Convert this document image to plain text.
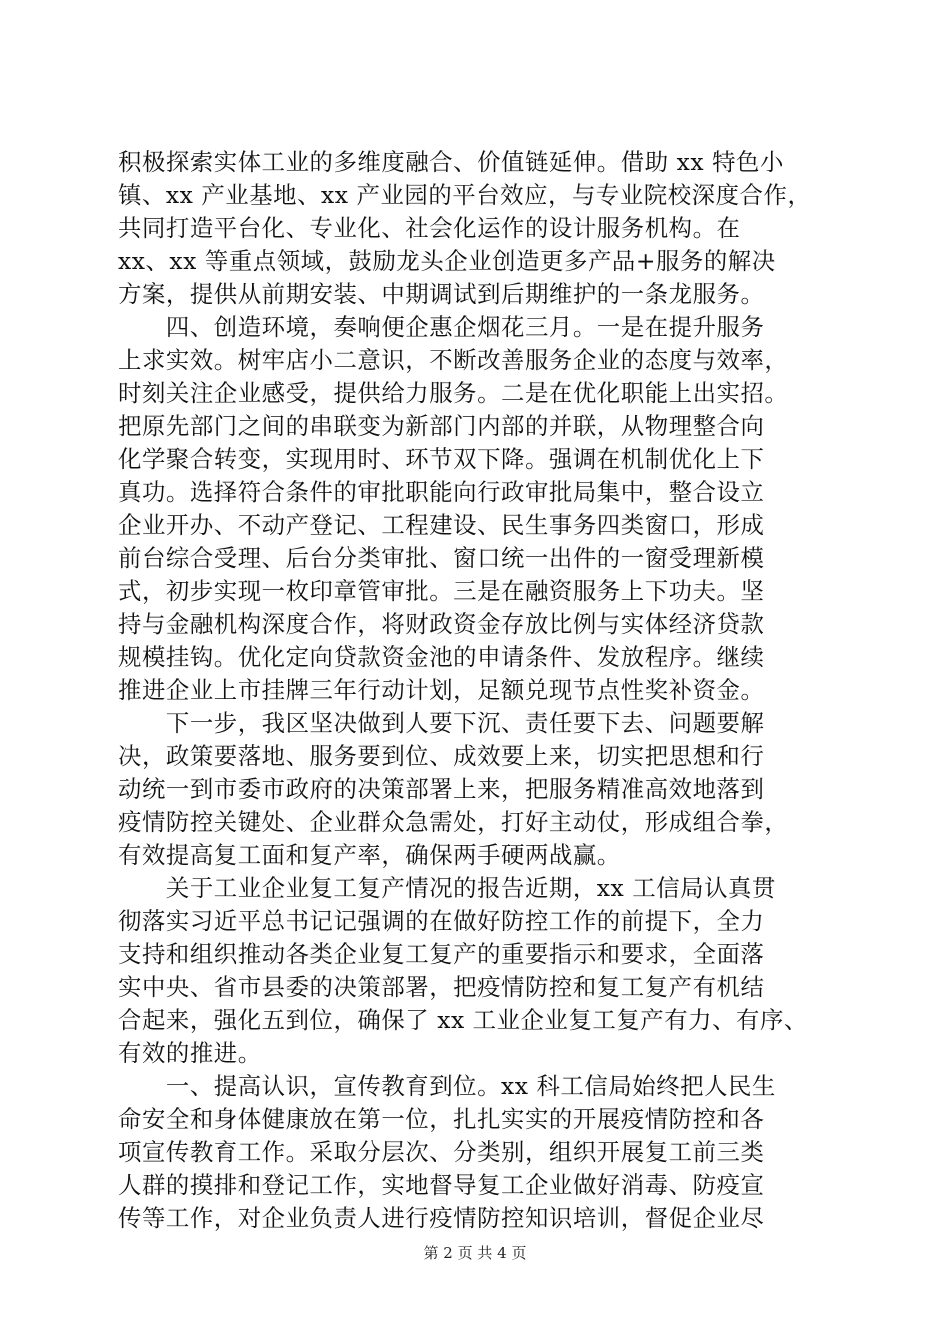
积极探索实体工业的多维度融合、价值链延伸。借助 xx 特色小
镇、xx 产业基地、xx 产业园的平台效应，与专业院校深度合作，
共同打造平台化、专业化、社会化运作的设计服务机构。在
xx、xx 等重点领域，鼓励龙头企业创造更多产品+服务的解决
方案，提供从前期安装、中期调试到后期维护的一条龙服务。
　　四、创造环境，奏响便企惠企烟花三月。一是在提升服务
上求实效。树牢店小二意识，不断改善服务企业的态度与效率，
时刻关注企业感受，提供给力服务。二是在优化职能上出实招。
把原先部门之间的串联变为新部门内部的并联，从物理整合向
化学聚合转变，实现用时、环节双下降。强调在机制优化上下
真功。选择符合条件的审批职能向行政审批局集中，整合设立
企业开办、不动产登记、工程建设、民生事务四类窗口，形成
前台综合受理、后台分类审批、窗口统一出件的一窗受理新模
式，初步实现一枚印章管审批。三是在融资服务上下功夫。坚
持与金融机构深度合作，将财政资金存放比例与实体经济贷款
规模挂钩。优化定向贷款资金池的申请条件、发放程序。继续
推进企业上市挂牌三年行动计划，足额兑现节点性奖补资金。
　　下一步，我区坚决做到人要下沉、责任要下去、问题要解
决，政策要落地、服务要到位、成效要上来，切实把思想和行
动统一到市委市政府的决策部署上来，把服务精准高效地落到
疫情防控关键处、企业群众急需处，打好主动仗，形成组合拳，
有效提高复工面和复产率，确保两手硬两战赢。
　　关于工业企业复工复产情况的报告近期，xx 工信局认真贯
彻落实习近平总书记记强调的在做好防控工作的前提下，全力
支持和组织推动各类企业复工复产的重要指示和要求，全面落
实中央、省市县委的决策部署，把疫情防控和复工复产有机结
合起来，强化五到位，确保了 xx 工业企业复工复产有力、有序、
有效的推进。
　　一、提高认识，宣传教育到位。xx 科工信局始终把人民生
命安全和身体健康放在第一位，扎扎实实的开展疫情防控和各
项宣传教育工作。采取分层次、分类别，组织开展复工前三类
人群的摸排和登记工作，实地督导复工企业做好消毒、防疫宣
传等工作，对企业负责人进行疫情防控知识培训，督促企业尽
第 2 页 共 4 页
